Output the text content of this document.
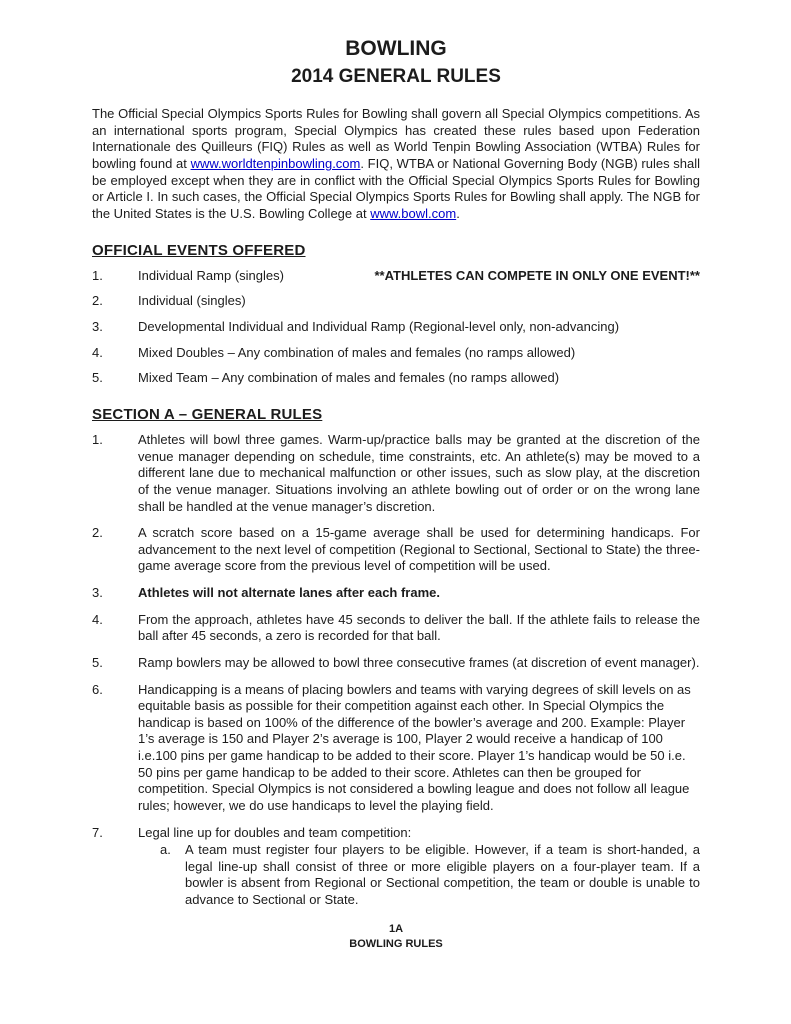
BOWLING
2014 GENERAL RULES

The Official Special Olympics Sports Rules for Bowling shall govern all Special Olympics competitions. As an international sports program, Special Olympics has created these rules based upon Federation Internationale des Quilleurs (FIQ) Rules as well as World Tenpin Bowling Association (WTBA) Rules for bowling found at www.worldtenpinbowling.com. FIQ, WTBA or National Governing Body (NGB) rules shall be employed except when they are in conflict with the Official Special Olympics Sports Rules for Bowling or Article I. In such cases, the Official Special Olympics Sports Rules for Bowling shall apply. The NGB for the United States is the U.S. Bowling College at www.bowl.com.

OFFICIAL EVENTS OFFERED
1.	Individual Ramp (singles)	**ATHLETES CAN COMPETE IN ONLY ONE EVENT!**
2.	Individual (singles)
3.	Developmental Individual and Individual Ramp (Regional-level only, non-advancing)
4.	Mixed Doubles – Any combination of males and females (no ramps allowed)
5.	Mixed Team – Any combination of males and females (no ramps allowed)
SECTION A – GENERAL RULES
1.	Athletes will bowl three games. Warm-up/practice balls may be granted at the discretion of the venue manager depending on schedule, time constraints, etc. An athlete(s) may be moved to a different lane due to mechanical malfunction or other issues, such as slow play, at the discretion of the venue manager. Situations involving an athlete bowling out of order or on the wrong lane shall be handled at the venue manager’s discretion.
2.	A scratch score based on a 15-game average shall be used for determining handicaps. For advancement to the next level of competition (Regional to Sectional, Sectional to State) the three-game average score from the previous level of competition will be used.
3.	Athletes will not alternate lanes after each frame.
4.	From the approach, athletes have 45 seconds to deliver the ball. If the athlete fails to release the ball after 45 seconds, a zero is recorded for that ball.
5.	Ramp bowlers may be allowed to bowl three consecutive frames (at discretion of event manager).
6.	Handicapping is a means of placing bowlers and teams with varying degrees of skill levels on as equitable basis as possible for their competition against each other. In Special Olympics the handicap is based on 100% of the difference of the bowler’s average and 200. Example: Player 1’s average is 150 and Player 2’s average is 100, Player 2 would receive a handicap of 100 i.e.100 pins per game handicap to be added to their score. Player 1’s handicap would be 50 i.e. 50 pins per game handicap to be added to their score. Athletes can then be grouped for competition. Special Olympics is not considered a bowling league and does not follow all league rules; however, we do use handicaps to level the playing field.
7.	Legal line up for doubles and team competition:
a.	A team must register four players to be eligible. However, if a team is short-handed, a legal line-up shall consist of three or more eligible players on a four-player team. If a bowler is absent from Regional or Sectional competition, the team or double is unable to advance to Sectional or State.
1A
BOWLING RULES
